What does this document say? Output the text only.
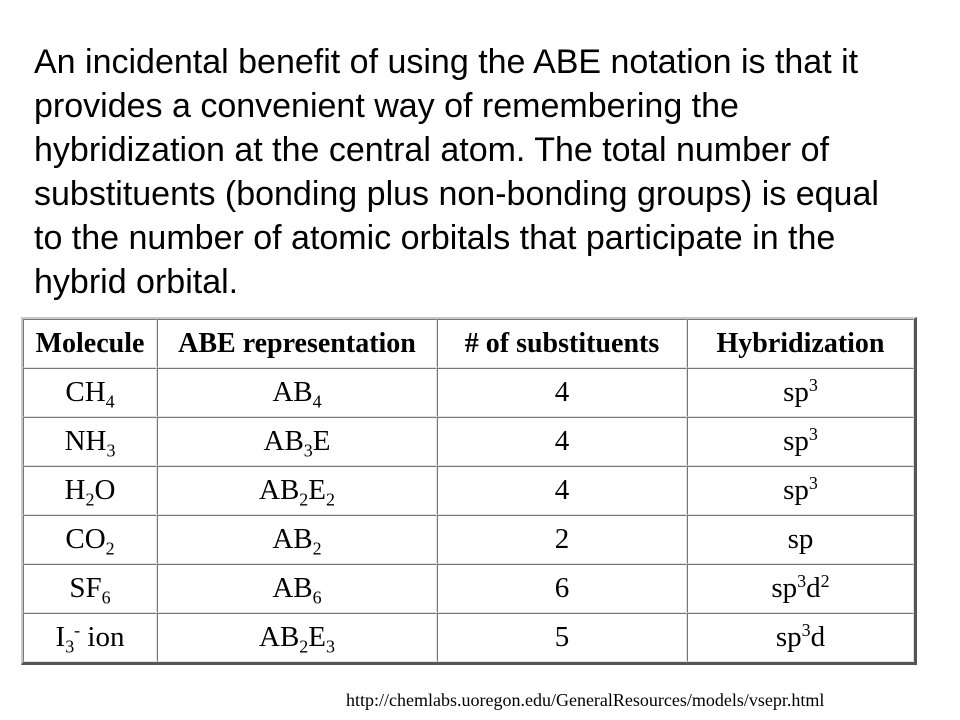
An incidental benefit of using the ABE notation is that it provides a convenient way of remembering the hybridization at the central atom. The total number of substituents (bonding plus non-bonding groups) is equal to the number of atomic orbitals that participate in the hybrid orbital.

Molecule	ABE representation	# of substituents	Hybridization
$CH_4$	$AB_4$	4	$sp^3$
$NH_3$	$AB_3E$	4	$sp^3$
$H_2O$	$AB_2E_2$	4	$sp^3$
$CO_2$	$AB_2$	2	sp
$SF_6$	$AB_6$	6	$sp^3d^2$
$I_3^-$ ion	$AB_2E_3$	5	$sp^3d$
http://chemlabs.uoregon.edu/GeneralResources/models/vsepr.html
